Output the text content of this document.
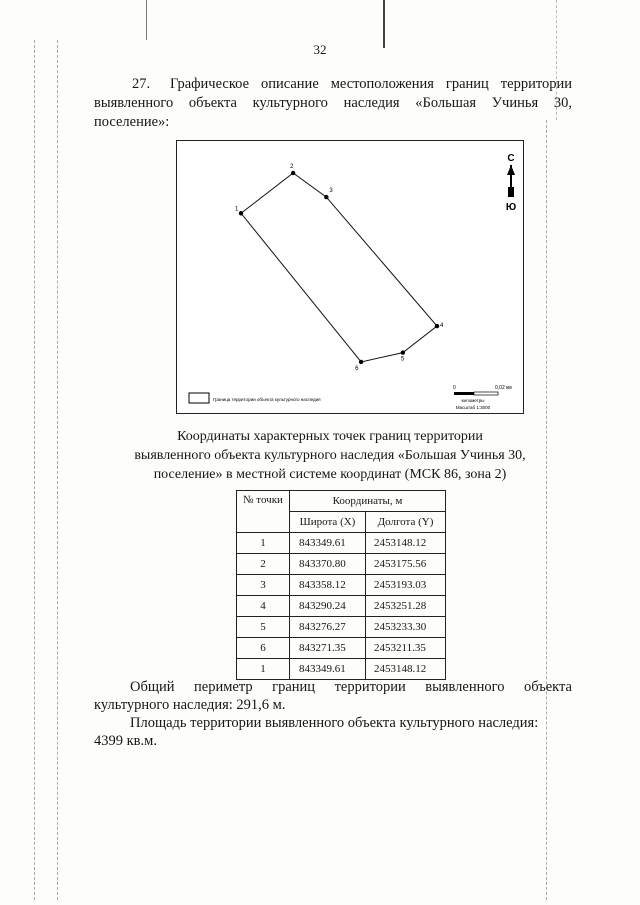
32
27. Графическое описание местоположения границ территории выявленного объекта культурного наследия «Большая Учинья 30, поселение»:
1
2
3
4
5
6
С
Ю
Граница территории объекта культурного наследия
0	0,02 км
километры
Масштаб 1:3000
Координаты характерных точек границ территории
выявленного объекта культурного наследия «Большая Учинья 30,
поселение» в местной системе координат (МСК 86, зона 2)
№ точки	Координаты, м	
	Широта (X)	Долгота (Y)
1	843349.61	2453148.12
2	843370.80	2453175.56
3	843358.12	2453193.03
4	843290.24	2453251.28
5	843276.27	2453233.30
6	843271.35	2453211.35
1	843349.61	2453148.12
Общий периметр границ территории выявленного объекта
культурного наследия: 291,6 м.
Площадь территории выявленного объекта культурного наследия:
4399 кв.м.
